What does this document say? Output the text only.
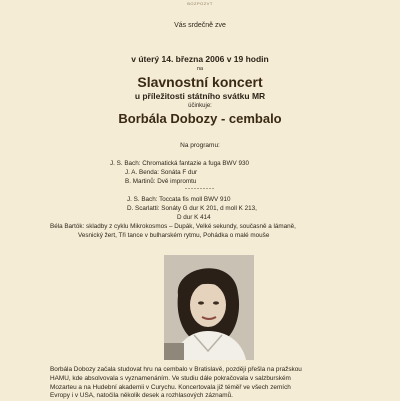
BOZPOZVT
Vás srdečně zve
v úterý 14. března 2006 v 19 hodin
na
Slavnostní koncert
u příležitosti státního svátku MR
účinkuje:
Borbála Dobozy - cembalo
Na programu:
J. S. Bach: Chromatická fantazie a fuga BWV 930
J. A. Benda: Sonáta F dur
B. Martinů: Dvě impromtu
----------
J. S. Bach: Toccata fis moll BWV 910
D. Scarlatti: Sonáty G dur K 201, d moll K 213,
D dur K 414
Béla Bartók: skladby z cyklu Mikrokosmos – Dupák, Velké sekundy, současně a lámaně,
Vesnický žert, Tři tance v bulharském rytmu, Pohádka o malé mouše
Borbála Dobozy začala studovat hru na cembalo v Bratislavě, později přešla na pražskou
HAMU, kde absolvovala s vyznamenáním. Ve studiu dále pokračovala v salzburském
Mozarteu a na Hudební akademii v Curychu. Koncertovala již téměř ve všech zemích
Evropy i v USA, natočila několik desek a rozhlasových záznamů.
